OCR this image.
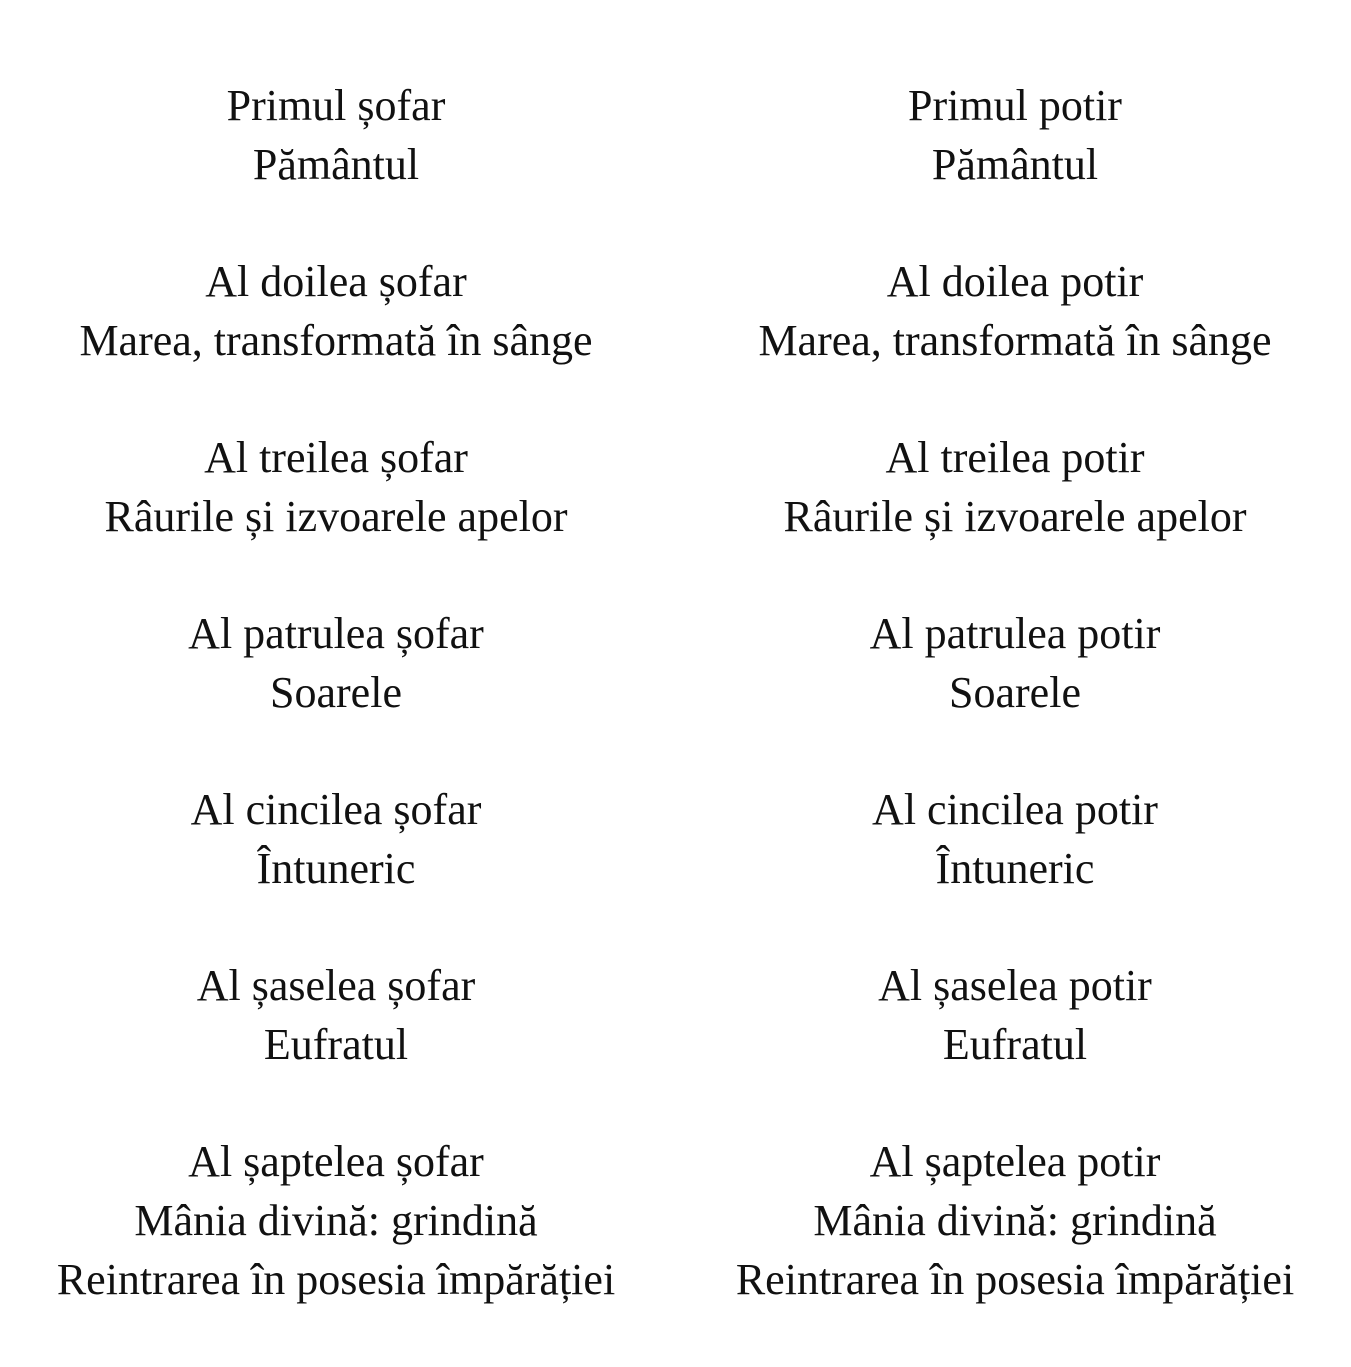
Primul șofar
Pământul
Al doilea șofar
Marea, transformată în sânge
Al treilea șofar
Râurile și izvoarele apelor
Al patrulea șofar
Soarele
Al cincilea șofar
Întuneric
Al șaselea șofar
Eufratul
Al șaptelea șofar
Mânia divină: grindină
Reintrarea în posesia împărăției
Primul potir
Pământul
Al doilea potir
Marea, transformată în sânge
Al treilea potir
Râurile și izvoarele apelor
Al patrulea potir
Soarele
Al cincilea potir
Întuneric
Al șaselea potir
Eufratul
Al șaptelea potir
Mânia divină: grindină
Reintrarea în posesia împărăției
